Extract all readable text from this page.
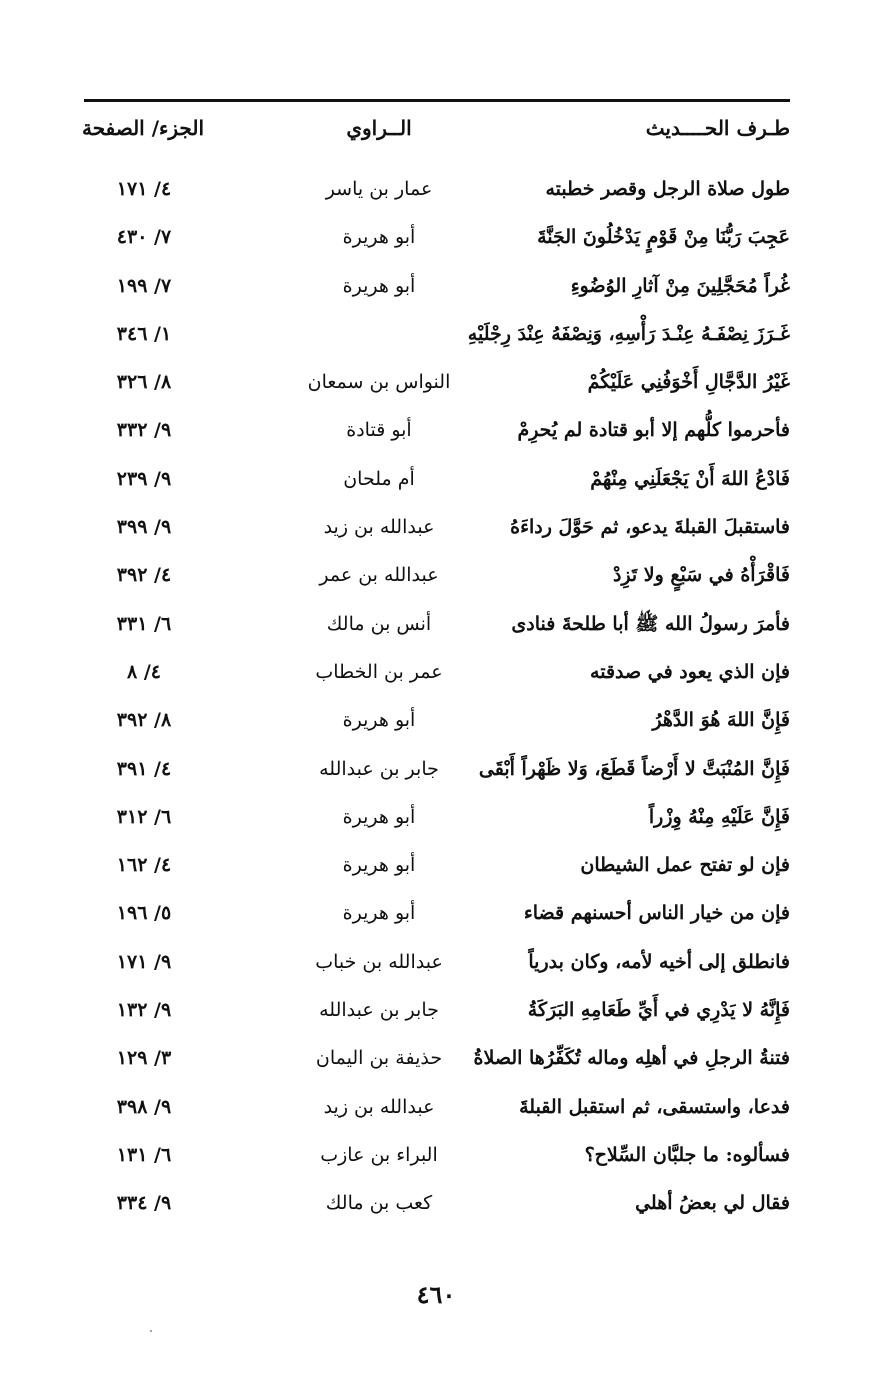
طـرف الحــــديث
الــراوي
الجزء/ الصفحة
طول صلاة الرجل وقصر خطبته
عمار بن ياسر
٤/ ١٧١
عَجِبَ رَبُّنَا مِنْ قَوْمٍ يَدْخُلُونَ الجَنَّةَ
أبو هريرة
٧/ ٤٣٠
غُراً مُحَجَّلِينَ مِنْ آثارِ الوُضُوءِ
أبو هريرة
٧/ ١٩٩
غَـرَزَ نِصْفَـهُ عِنْـدَ رَأْسِهِ، وَنِصْفَهُ عِنْدَ رِجْلَيْهِ
١/ ٣٤٦
غَيْرُ الدَّجَّالِ أَخْوَفُنِي عَلَيْكُمْ
النواس بن سمعان
٨/ ٣٢٦
فأحرموا كلُّهم إلا أبو قتادة لم يُحرِمْ
أبو قتادة
٩/ ٣٣٢
فَادْعُ اللهَ أَنْ يَجْعَلَنِي مِنْهُمْ
أم ملحان
٩/ ٢٣٩
فاستقبلَ القبلةَ يدعو، ثم حَوَّلَ رداءَهُ
عبدالله بن زيد
٩/ ٣٩٩
فَاقْرَأْهُ في سَبْعٍ ولا تَزِدْ
عبدالله بن عمر
٤/ ٣٩٢
فأمرَ رسولُ الله ﷺ أبا طلحةَ فنادى
أنس بن مالك
٦/ ٣٣١
فإن الذي يعود في صدقته
عمر بن الخطاب
٤/ ٨
فَإِنَّ اللهَ هُوَ الدَّهْرُ
أبو هريرة
٨/ ٣٩٢
فَإِنَّ المُنْبَتَّ لا أَرْضاً قَطَعَ، وَلا ظَهْراً أَبْقَى
جابر بن عبدالله
٤/ ٣٩١
فَإِنَّ عَلَيْهِ مِنْهُ وِزْراً
أبو هريرة
٦/ ٣١٢
فإن لو تفتح عمل الشيطان
أبو هريرة
٤/ ١٦٢
فإن من خيار الناس أحسنهم قضاء
أبو هريرة
٥/ ١٩٦
فانطلق إلى أخيه لأمه، وكان بدرياً
عبدالله بن خباب
٩/ ١٧١
فَإِنَّهُ لا يَدْرِي في أَيِّ طَعَامِهِ البَرَكَةُ
جابر بن عبدالله
٩/ ١٣٢
فتنةُ الرجلِ في أهلِه وماله تُكَفِّرُها الصلاةُ
حذيفة بن اليمان
٣/ ١٢٩
فدعا، واستسقى، ثم استقبل القبلةَ
عبدالله بن زيد
٩/ ٣٩٨
فسألوه: ما جلبَّان السِّلاح؟
البراء بن عازب
٦/ ١٣١
فقال لي بعضُ أهلي
كعب بن مالك
٩/ ٣٣٤
٤٦٠
